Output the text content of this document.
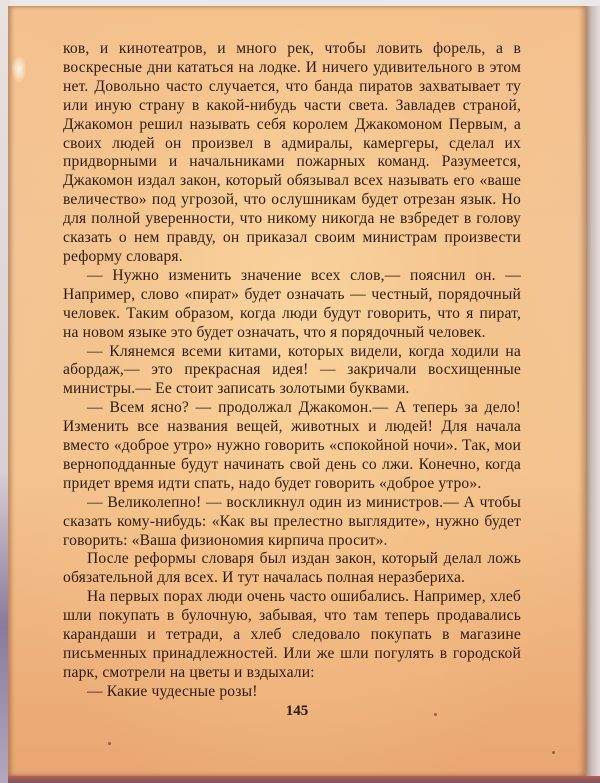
ков, и кинотеатров, и много рек, чтобы ловить форель, а в воскресные дни кататься на лодке. И ничего удивительного в этом нет. Довольно часто случается, что банда пиратов захватывает ту или иную страну в какой-нибудь части света. Завладев страной, Джакомон решил называть себя королем Джакомоном Первым, а своих людей он произвел в адмиралы, камергеры, сделал их придворными и начальниками пожарных команд. Разумеется, Джакомон издал закон, который обязывал всех называть его «ваше величество» под угрозой, что ослушникам будет отрезан язык. Но для полной уверенности, что никому никогда не взбредет в голову сказать о нем правду, он приказал своим министрам произвести реформу словаря.

— Нужно изменить значение всех слов,— пояснил он. — Например, слово «пират» будет означать — честный, порядочный человек. Таким образом, когда люди будут говорить, что я пират, на новом языке это будет означать, что я порядочный человек.

— Клянемся всеми китами, которых видели, когда ходили на абордаж,— это прекрасная идея! — закричали восхищенные министры.— Ее стоит записать золотыми буквами.

— Всем ясно? — продолжал Джакомон.— А теперь за дело! Изменить все названия вещей, животных и людей! Для начала вместо «доброе утро» нужно говорить «спокойной ночи». Так, мои верноподданные будут начинать свой день со лжи. Конечно, когда придет время идти спать, надо будет говорить «доброе утро».

— Великолепно! — воскликнул один из министров.— А чтобы сказать кому-нибудь: «Как вы прелестно выглядите», нужно будет говорить: «Ваша физиономия кирпича просит».

После реформы словаря был издан закон, который делал ложь обязательной для всех. И тут началась полная неразбериха.

На первых порах люди очень часто ошибались. Например, хлеб шли покупать в булочную, забывая, что там теперь продавались карандаши и тетради, а хлеб следовало покупать в магазине письменных принадлежностей. Или же шли погулять в городской парк, смотрели на цветы и вздыхали:

— Какие чудесные розы!

145
